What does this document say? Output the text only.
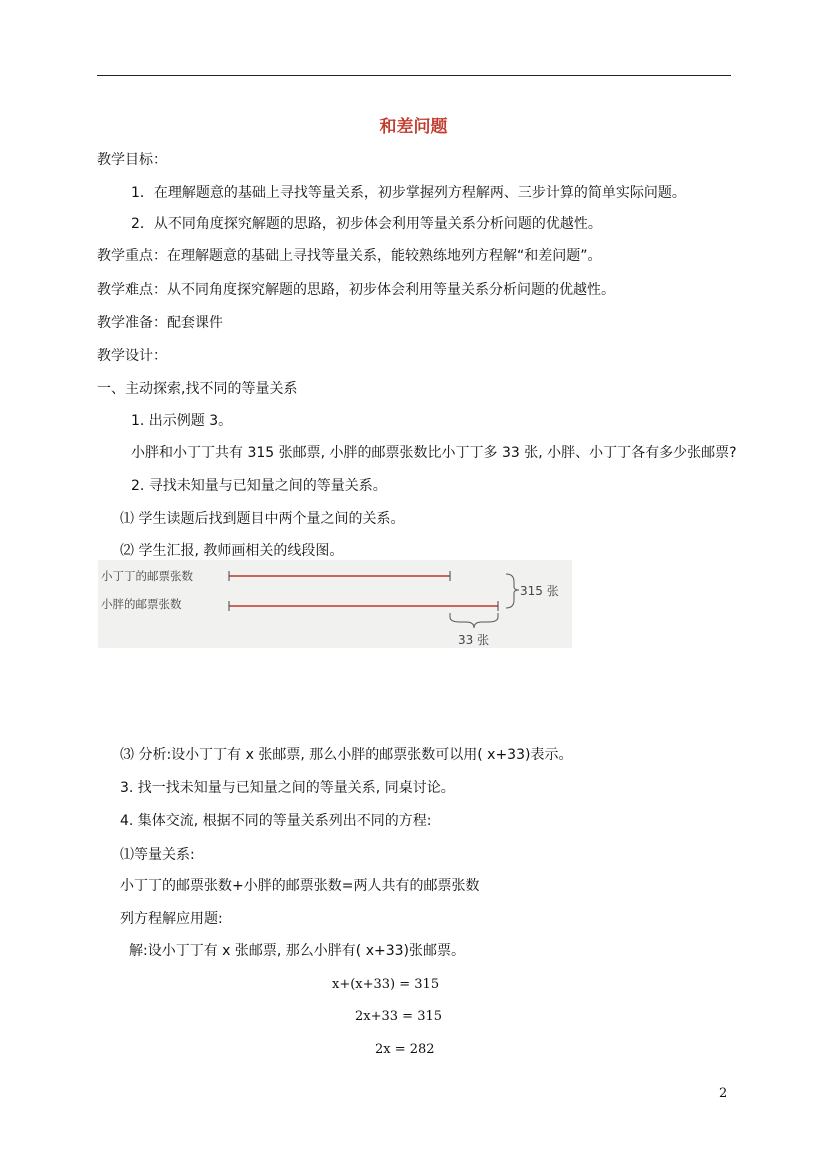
和差问题
教学目标：
1．在理解题意的基础上寻找等量关系，初步掌握列方程解两、三步计算的简单实际问题。
2．从不同角度探究解题的思路，初步体会利用等量关系分析问题的优越性。
教学重点：在理解题意的基础上寻找等量关系，能较熟练地列方程解“和差问题”。
教学难点：从不同角度探究解题的思路，初步体会利用等量关系分析问题的优越性。
教学准备：配套课件
教学设计：
一、主动探索,找不同的等量关系
1. 出示例题 3。
小胖和小丁丁共有 315 张邮票, 小胖的邮票张数比小丁丁多 33 张, 小胖、小丁丁各有多少张邮票?
2. 寻找未知量与已知量之间的等量关系。
⑴ 学生读题后找到题目中两个量之间的关系。
⑵ 学生汇报, 教师画相关的线段图。
小丁丁的邮票张数
小胖的邮票张数
315 张
33 张
⑶ 分析:设小丁丁有 x 张邮票, 那么小胖的邮票张数可以用( x+33)表示。
3. 找一找未知量与已知量之间的等量关系, 同桌讨论。
4. 集体交流, 根据不同的等量关系列出不同的方程:
⑴等量关系:
小丁丁的邮票张数+小胖的邮票张数=两人共有的邮票张数
列方程解应用题:
解:设小丁丁有 x 张邮票, 那么小胖有( x+33)张邮票。
x+(x+33) = 315
2x+33 = 315
2x = 282
2
